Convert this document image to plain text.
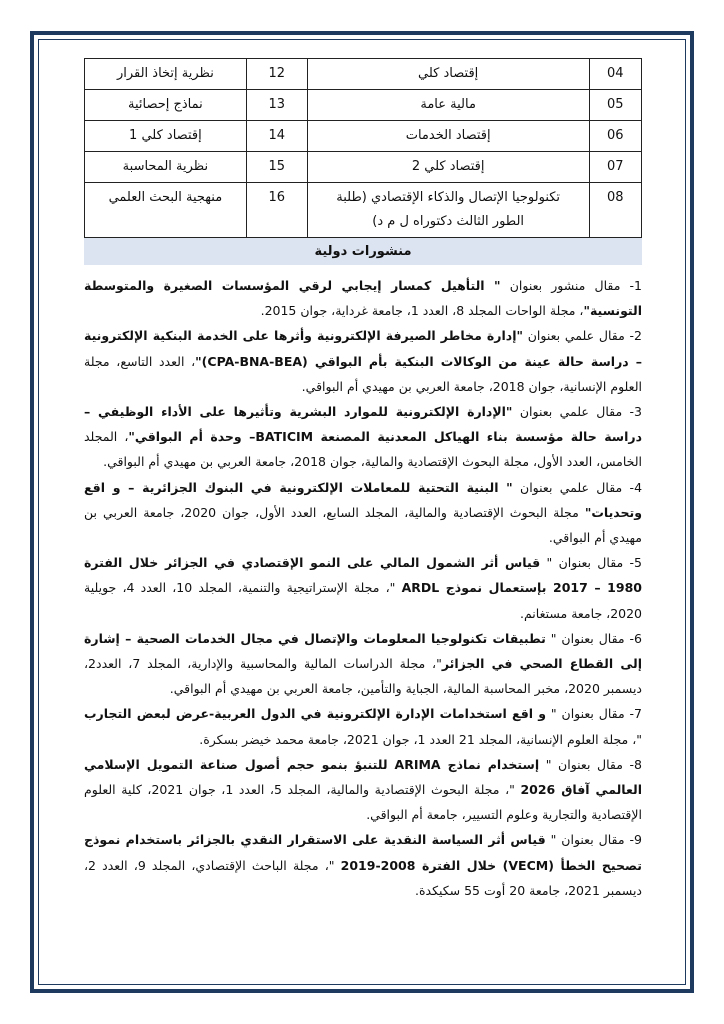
04	إقتصاد كلي	12	نظرية إتخاذ القرار
05	مالية عامة	13	نماذج إحصائية
06	إقتصاد الخدمات	14	إقتصاد كلي 1
07	إقتصاد كلي 2	15	نظرية المحاسبة
08	تكنولوجيا الإتصال والذكاء الإقتصادي (طلبة
الطور الثالث دكتوراه ل م د)	16	منهجية البحث العلمي
منشورات دولية

1- مقال منشور بعنوان " التأهيل كمسار إيجابي لرقي المؤسسات الصغيرة والمتوسطة التونسية"، مجلة الواحات المجلد 8، العدد 1، جامعة غرداية، جوان 2015.

2- مقال علمي بعنوان "إدارة مخاطر الصيرفة الإلكترونية وأثرها على الخدمة البنكية الإلكترونية – دراسة حالة عينة من الوكالات البنكية بأم البواقي (CPA-BNA-BEA)"، العدد التاسع، مجلة العلوم الإنسانية، جوان 2018، جامعة العربي بن مهيدي أم البواقي.

3- مقال علمي بعنوان "الإدارة الإلكترونية للموارد البشرية وتأثيرها على الأداء الوظيفي – دراسة حالة مؤسسة بناء الهياكل المعدنية المصنعة BATICIM– وحدة أم البواقي"، المجلد الخامس، العدد الأول، مجلة البحوث الإقتصادية والمالية، جوان 2018، جامعة العربي بن مهيدي أم البواقي.

4- مقال علمي بعنوان " البنية التحتية للمعاملات الإلكترونية في البنوك الجزائرية – و اقع وتحديات" مجلة البحوث الإقتصادية والمالية، المجلد السابع، العدد الأول، جوان 2020، جامعة العربي بن مهيدي أم البواقي.

5- مقال بعنوان " قياس أثر الشمول المالي على النمو الإقتصادي في الجزائر خلال الفترة 1980 – 2017 بإستعمال نموذج ARDL "، مجلة الإستراتيجية والتنمية، المجلد 10، العدد 4، جويلية 2020، جامعة مستغانم.

6- مقال بعنوان " تطبيقات تكنولوجيا المعلومات والإتصال في مجال الخدمات الصحية – إشارة إلى القطاع الصحي في الجزائر"، مجلة الدراسات المالية والمحاسبية والإدارية، المجلد 7، العدد2، ديسمبر 2020، مخبر المحاسبة المالية، الجباية والتأمين، جامعة العربي بن مهيدي أم البواقي.

7- مقال بعنوان " و اقع استخدامات الإدارة الإلكترونية في الدول العربية-عرض لبعض التجارب "، مجلة العلوم الإنسانية، المجلد 21 العدد 1، جوان 2021، جامعة محمد خيضر بسكرة.

8- مقال بعنوان " إستخدام نماذج ARIMA للتنبؤ بنمو حجم أصول صناعة التمويل الإسلامي العالمي آفاق 2026 "، مجلة البحوث الإقتصادية والمالية، المجلد 5، العدد 1، جوان 2021، كلية العلوم الإقتصادية والتجارية وعلوم التسيير، جامعة أم البواقي.

9- مقال بعنوان " قياس أثر السياسة النقدية على الاستقرار النقدي بالجزائر باستخدام نموذج تصحيح الخطأ (VECM) خلال الفترة 2008-2019 "، مجلة الباحث الإقتصادي، المجلد 9، العدد 2، ديسمبر 2021، جامعة 20 أوت 55 سكيكدة.
